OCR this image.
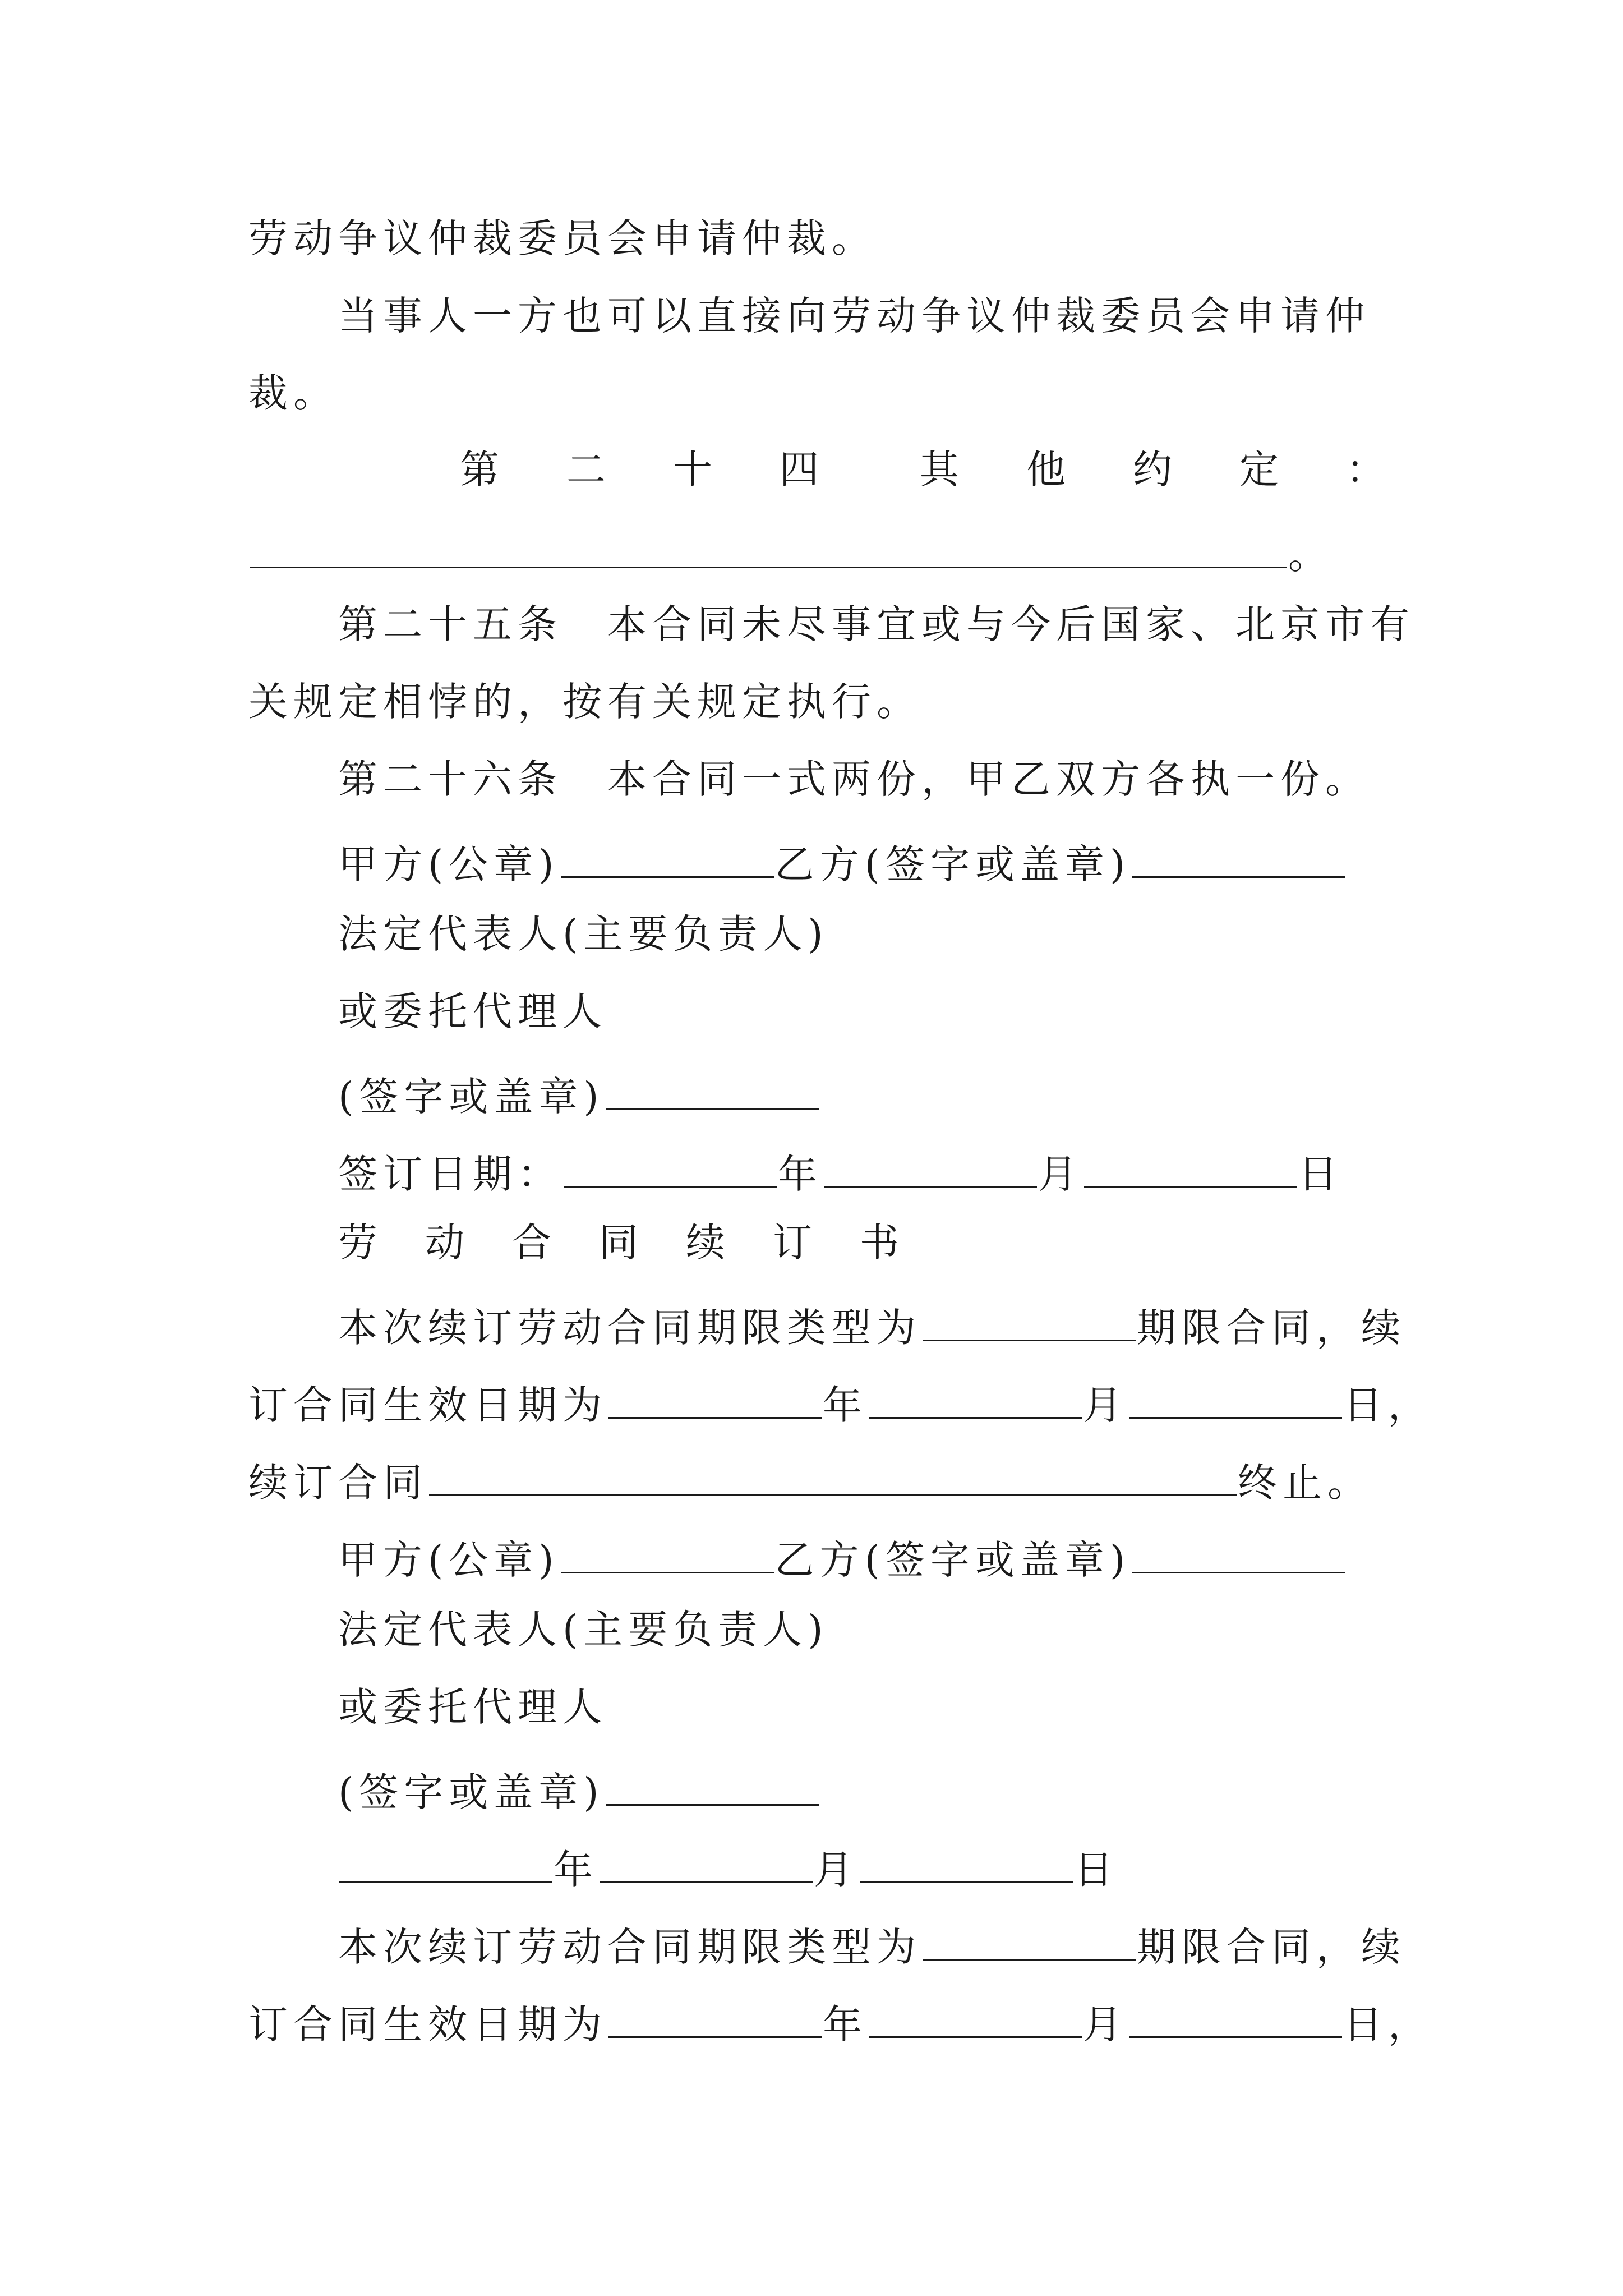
劳动争议仲裁委员会申请仲裁。
当事人一方也可以直接向劳动争议仲裁委员会申请仲
裁。
第 二 十 四	其 他 约 定 ：
。
第二十五条　本合同未尽事宜或与今后国家、北京市有
关规定相悖的，按有关规定执行。
第二十六条　本合同一式两份，甲乙双方各执一份。
甲方(公章)	乙方(签字或盖章)
法定代表人(主要负责人)
或委托代理人
(签字或盖章)
签订日期：	年	月	日
劳 动 合 同 续 订 书
本次续订劳动合同期限类型为	期限合同，续
订合同生效日期为	年	月	日，
续订合同	终止。
甲方(公章)	乙方(签字或盖章)
法定代表人(主要负责人)
或委托代理人
(签字或盖章)
年	月	日
本次续订劳动合同期限类型为	期限合同，续
订合同生效日期为	年	月	日，
